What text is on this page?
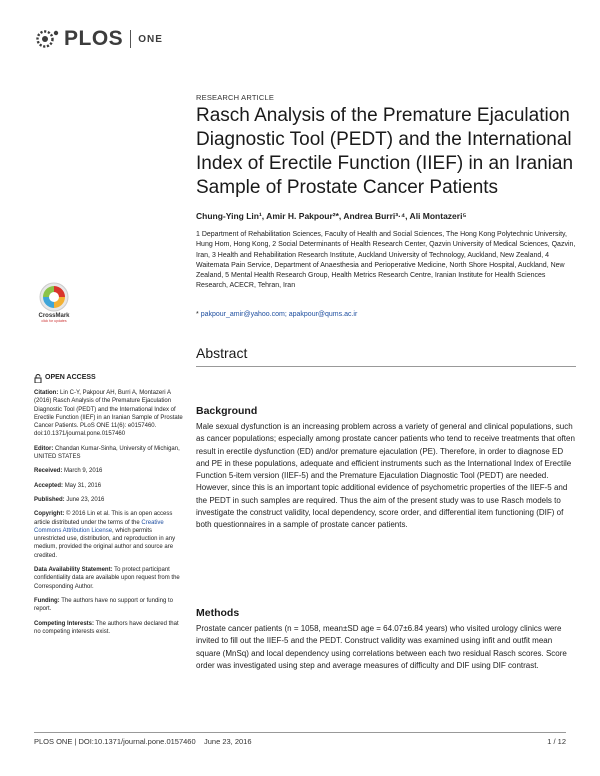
PLOS ONE
RESEARCH ARTICLE
Rasch Analysis of the Premature Ejaculation Diagnostic Tool (PEDT) and the International Index of Erectile Function (IIEF) in an Iranian Sample of Prostate Cancer Patients
Chung-Ying Lin¹, Amir H. Pakpour²*, Andrea Burri³·⁴, Ali Montazeri⁵
1 Department of Rehabilitation Sciences, Faculty of Health and Social Sciences, The Hong Kong Polytechnic University, Hung Hom, Hong Kong, 2 Social Determinants of Health Research Center, Qazvin University of Medical Sciences, Qazvin, Iran, 3 Health and Rehabilitation Research Institute, Auckland University of Technology, Auckland, New Zealand, 4 Waitemata Pain Service, Department of Anaesthesia and Perioperative Medicine, North Shore Hospital, Auckland, New Zealand, 5 Mental Health Research Group, Health Metrics Research Centre, Iranian Institute for Health Sciences Research, ACECR, Tehran, Iran
* pakpour_amir@yahoo.com; apakpour@qums.ac.ir
CrossMark
click for updates
Abstract
OPEN ACCESS
Citation: Lin C-Y, Pakpour AH, Burri A, Montazeri A (2016) Rasch Analysis of the Premature Ejaculation Diagnostic Tool (PEDT) and the International Index of Erectile Function (IIEF) in an Iranian Sample of Prostate Cancer Patients. PLoS ONE 11(6): e0157460. doi:10.1371/journal.pone.0157460
Editor: Chandan Kumar-Sinha, University of Michigan, UNITED STATES
Received: March 9, 2016
Accepted: May 31, 2016
Published: June 23, 2016
Copyright: © 2016 Lin et al. This is an open access article distributed under the terms of the Creative Commons Attribution License, which permits unrestricted use, distribution, and reproduction in any medium, provided the original author and source are credited.
Data Availability Statement: To protect participant confidentiality data are available upon request from the Corresponding Author.
Funding: The authors have no support or funding to report.
Competing Interests: The authors have declared that no competing interests exist.
Background
Male sexual dysfunction is an increasing problem across a variety of general and clinical populations, such as cancer populations; especially among prostate cancer patients who tend to receive treatments that often result in erectile dysfunction (ED) and/or premature ejaculation (PE). Therefore, in order to diagnose ED and PE in these populations, adequate and efficient instruments such as the International Index of Erectile Function 5-item version (IIEF-5) and the Premature Ejaculation Diagnostic Tool (PEDT) are needed. However, since this is an important topic additional evidence of psychometric properties of the IIEF-5 and the PEDT in such samples are required. Thus the aim of the present study was to use Rasch models to investigate the construct validity, local dependency, score order, and differential item functioning (DIF) of both questionnaires in a sample of prostate cancer patients.
Methods
Prostate cancer patients (n = 1058, mean±SD age = 64.07±6.84 years) who visited urology clinics were invited to fill out the IIEF-5 and the PEDT. Construct validity was examined using infit and outfit mean square (MnSq) and local dependency using correlations between each two residual Rasch scores. Score order was investigated using step and average measures of difficulty and DIF using DIF contrast.
PLOS ONE | DOI:10.1371/journal.pone.0157460    June 23, 2016	1 / 12
